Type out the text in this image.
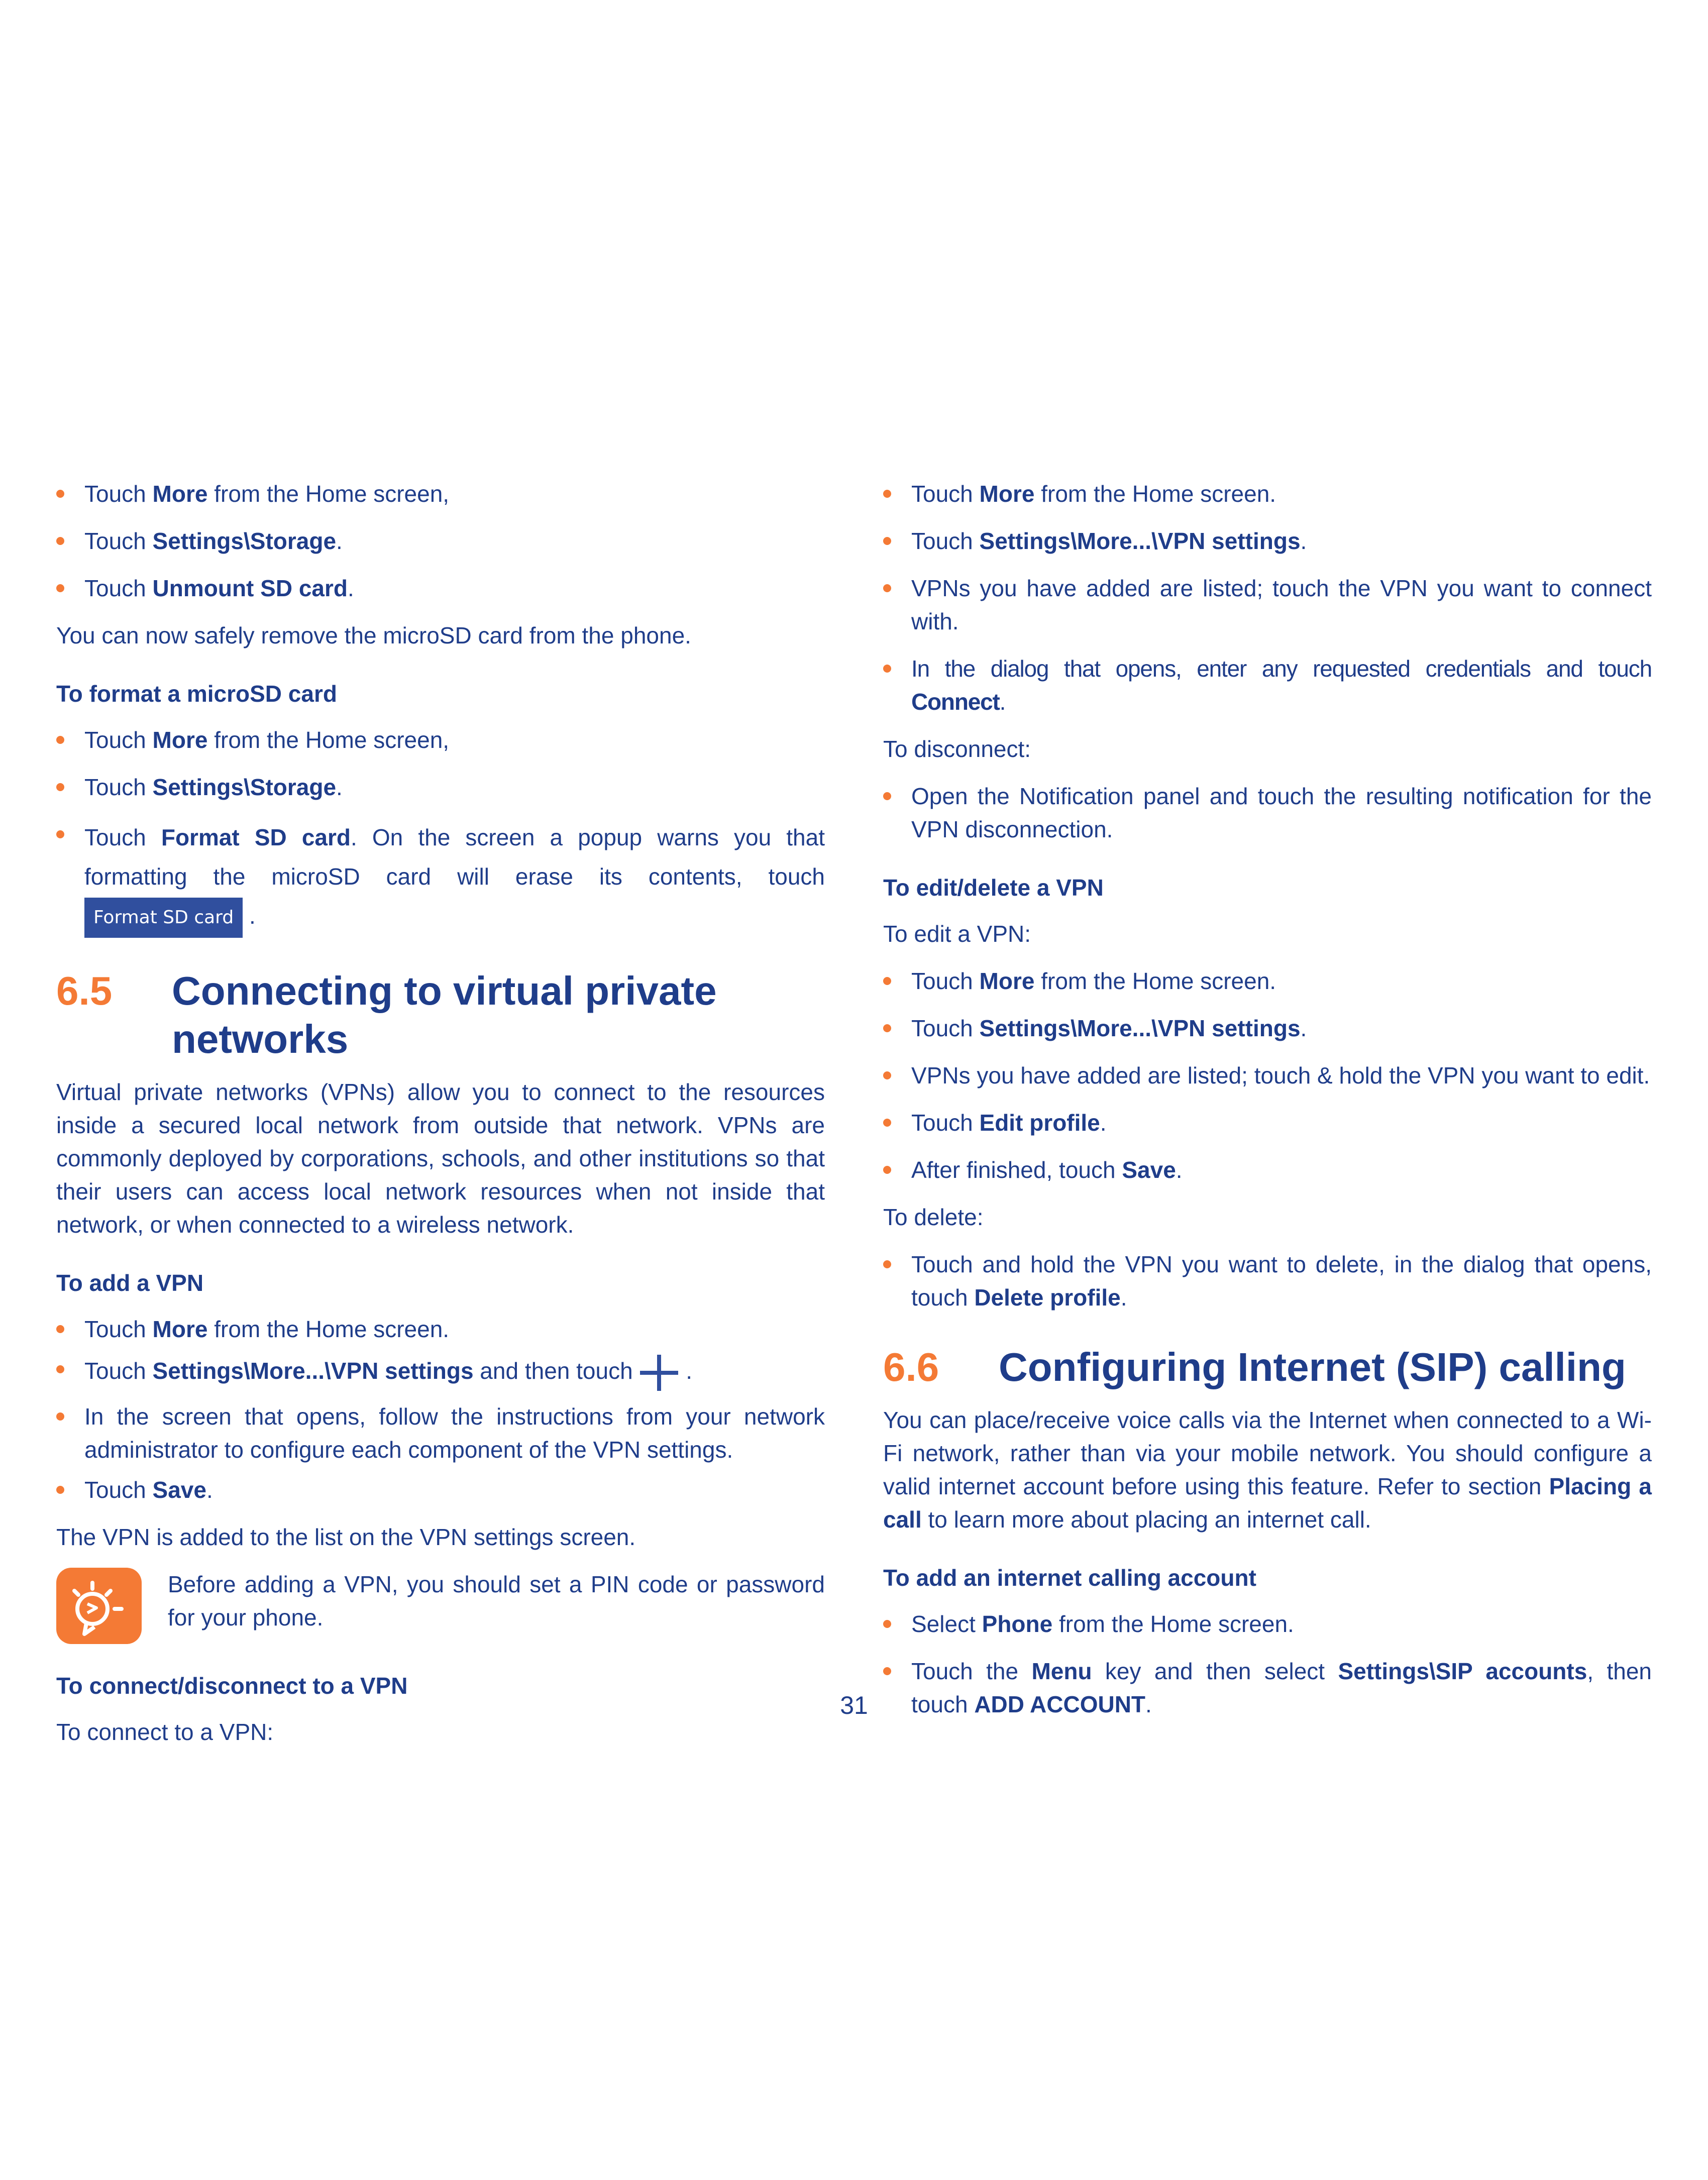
Touch More from the Home screen,
Touch Settings\Storage.
Touch Unmount SD card.

You can now safely remove the microSD card from the phone.

To format a microSD card
Touch More from the Home screen,
Touch Settings\Storage.
Touch Format SD card. On the screen a popup warns you that formatting the microSD card will erase its contents, touch Format SD card .
6.5	Connecting to virtual private networks

Virtual private networks (VPNs) allow you to connect to the resources inside a secured local network from outside that network. VPNs are commonly deployed by corporations, schools, and other institutions so that their users can access local network resources when not inside that network, or when connected to a wireless network.

To add a VPN
Touch More from the Home screen.
Touch Settings\More...\VPN settings and then touch  .
In the screen that opens, follow the instructions from your network administrator to configure each component of the VPN settings.
Touch Save.

The VPN is added to the list on the VPN settings screen.

Before adding a VPN, you should set a PIN code or password for your phone.
To connect/disconnect to a VPN

To connect to a VPN:

Touch More from the Home screen.
Touch Settings\More...\VPN settings.
VPNs you have added are listed; touch the VPN you want to connect with.
In the dialog that opens, enter any requested credentials and touch Connect.

To disconnect:

Open the Notification panel and touch the resulting notification for the VPN disconnection.
To edit/delete a VPN

To edit a VPN:

Touch More from the Home screen.
Touch Settings\More...\VPN settings.
VPNs you have added are listed; touch & hold the VPN you want to edit.
Touch Edit profile.
After finished, touch Save.

To delete:

Touch and hold the VPN you want to delete, in the dialog that opens, touch Delete profile.
6.6	Configuring Internet (SIP) calling

You can place/receive voice calls via the Internet when connected to a Wi-Fi network, rather than via your mobile network. You should configure a valid internet account before using this feature. Refer to section Placing a call to learn more about placing an internet call.

To add an internet calling account
Select Phone from the Home screen.
Touch the Menu key and then select Settings\SIP accounts, then touch ADD ACCOUNT.
31
